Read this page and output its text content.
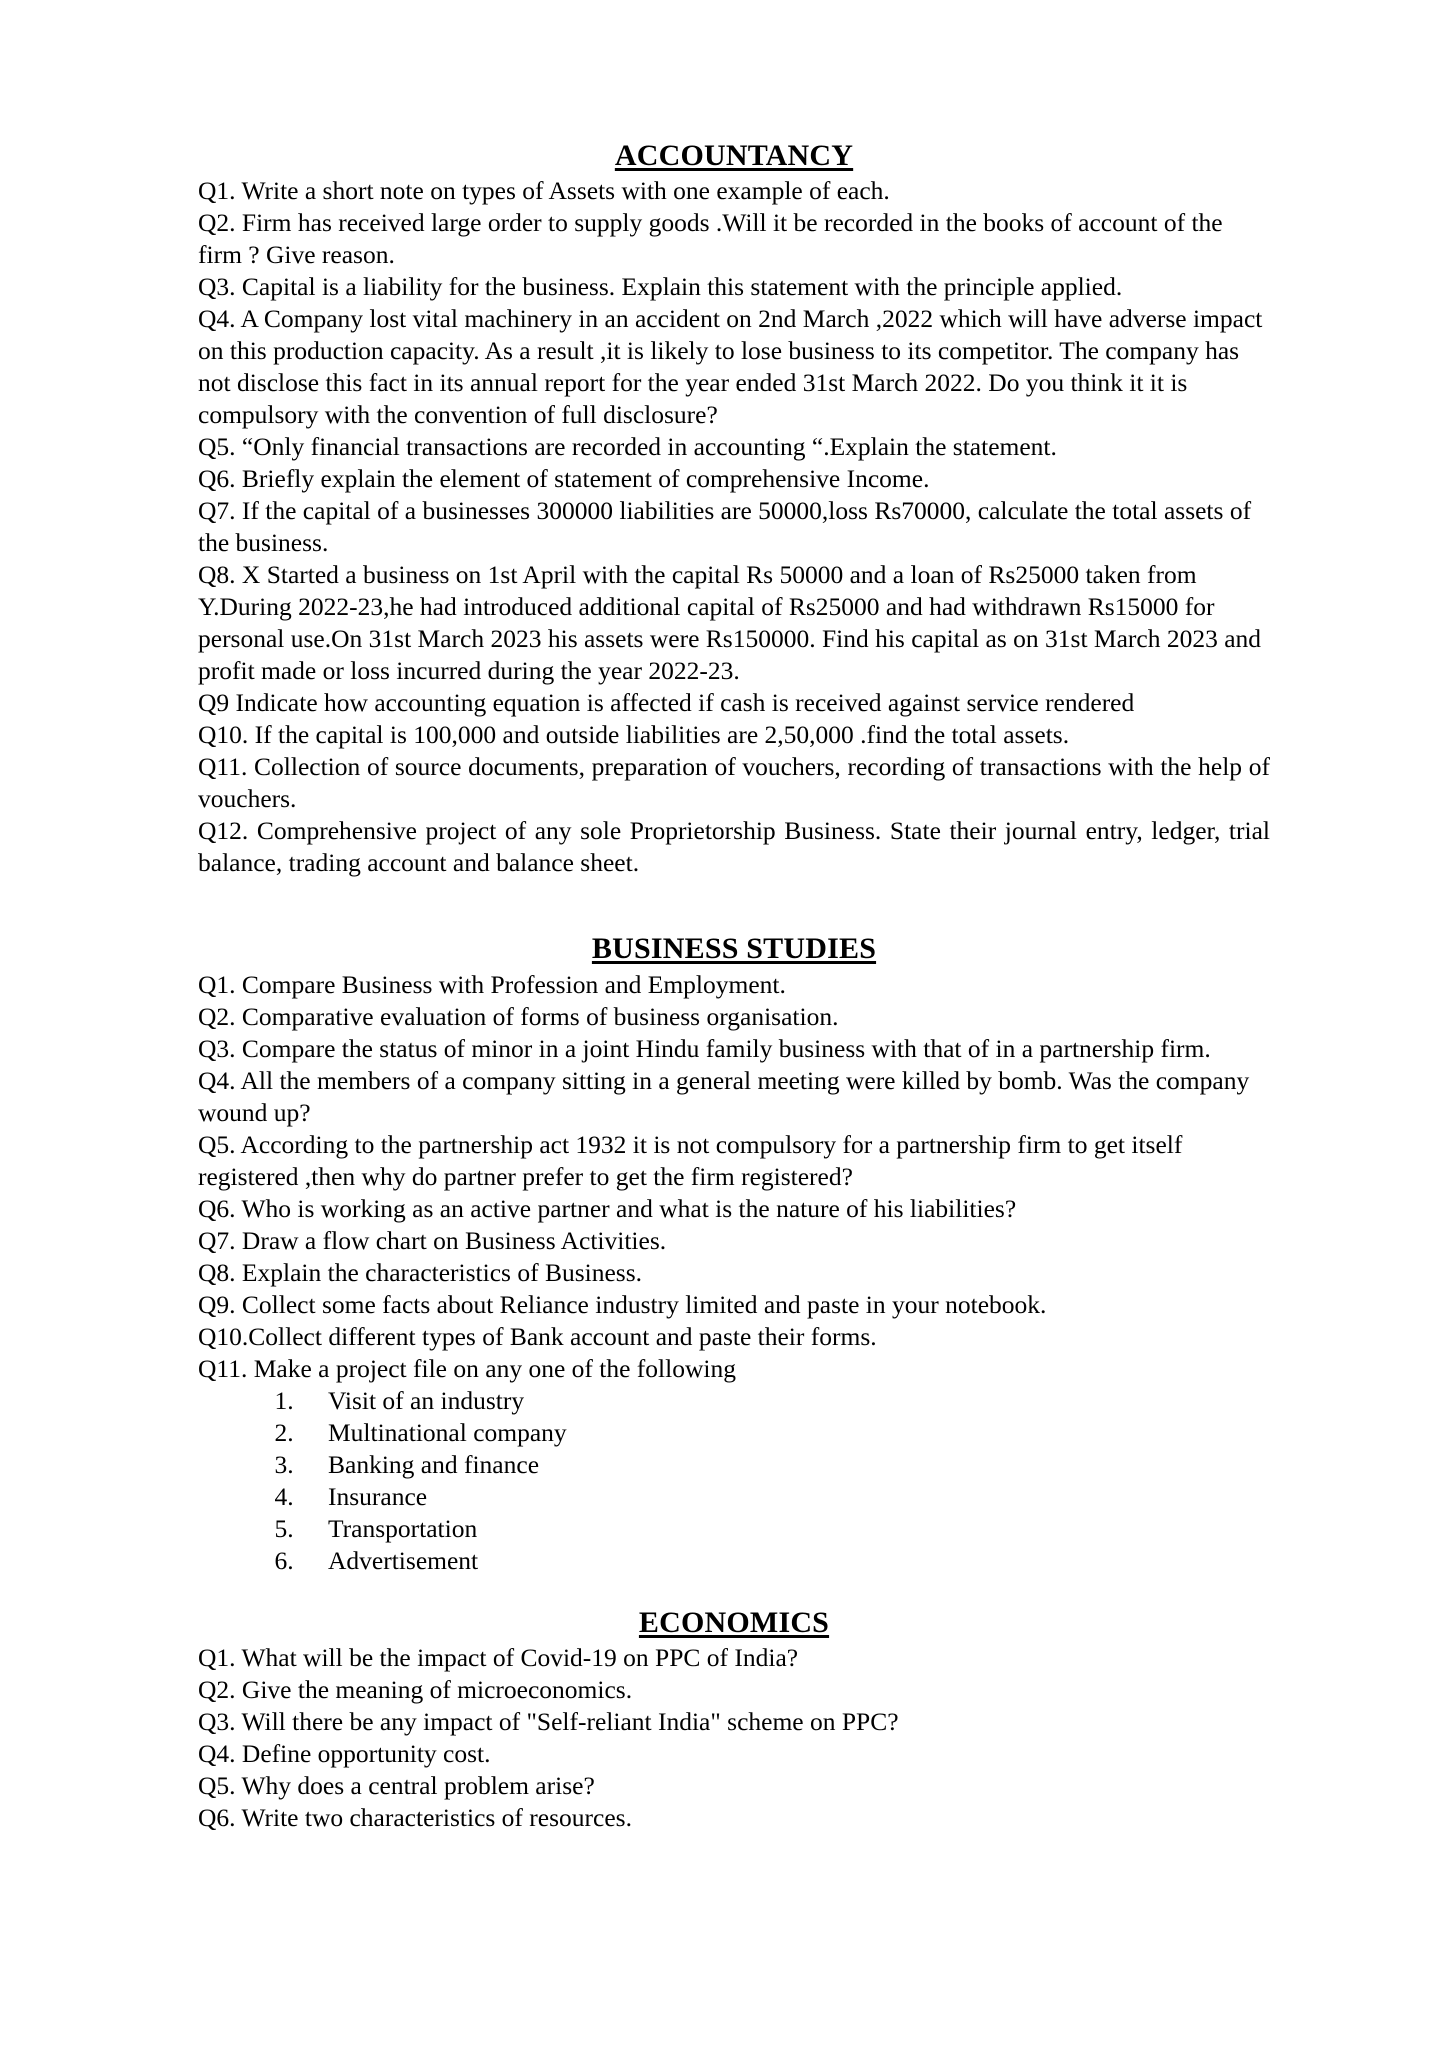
ACCOUNTANCY

Q1. Write a short note on types of Assets with one example of each.

Q2. Firm has received large order to supply goods .Will it be recorded in the books of account of the firm ? Give reason.

Q3. Capital is a liability for the business. Explain this statement with the principle applied.

Q4. A Company lost vital machinery in an accident on 2nd March ,2022 which will have adverse impact on this production capacity. As a result ,it is likely to lose business to its competitor. The company has not disclose this fact in its annual report for the year ended 31st March 2022. Do you think it it is compulsory with the convention of full disclosure?

Q5. “Only financial transactions are recorded in accounting “.Explain the statement.

Q6. Briefly explain the element of statement of comprehensive Income.

Q7. If the capital of a businesses 300000 liabilities are 50000,loss Rs70000, calculate the total assets of the business.

Q8. X Started a business on 1st April with the capital Rs 50000 and a loan of Rs25000 taken from Y.During 2022-23,he had introduced additional capital of Rs25000 and had withdrawn Rs15000 for personal use.On 31st March 2023 his assets were Rs150000. Find his capital as on 31st March 2023 and profit made or loss incurred during the year 2022-23.

Q9 Indicate how accounting equation is affected if cash is received against service rendered

Q10. If the capital is 100,000 and outside liabilities are 2,50,000 .find the total assets.

Q11. Collection of source documents, preparation of vouchers, recording of transactions with the help of vouchers.

Q12. Comprehensive project of any sole Proprietorship Business. State their journal entry, ledger, trial balance, trading account and balance sheet.

BUSINESS STUDIES

Q1. Compare Business with Profession and Employment.

Q2. Comparative evaluation of forms of business organisation.

Q3. Compare the status of minor in a joint Hindu family business with that of in a partnership firm.

Q4. All the members of a company sitting in a general meeting were killed by bomb. Was the company wound up?

Q5. According to the partnership act 1932 it is not compulsory for a partnership firm to get itself registered ,then why do partner prefer to get the firm registered?

Q6. Who is working as an active partner and what is the nature of his liabilities?

Q7. Draw a flow chart on Business Activities.

Q8. Explain the characteristics of Business.

Q9. Collect some facts about Reliance industry limited and paste in your notebook.

Q10.Collect different types of Bank account and paste their forms.

Q11. Make a project file on any one of the following

1. Visit of an industry
2. Multinational company
3. Banking and finance
4. Insurance
5. Transportation
6. Advertisement
ECONOMICS

Q1. What will be the impact of Covid-19 on PPC of India?

Q2. Give the meaning of microeconomics.

Q3. Will there be any impact of "Self-reliant India" scheme on PPC?

Q4. Define opportunity cost.

Q5. Why does a central problem arise?

Q6. Write two characteristics of resources.
